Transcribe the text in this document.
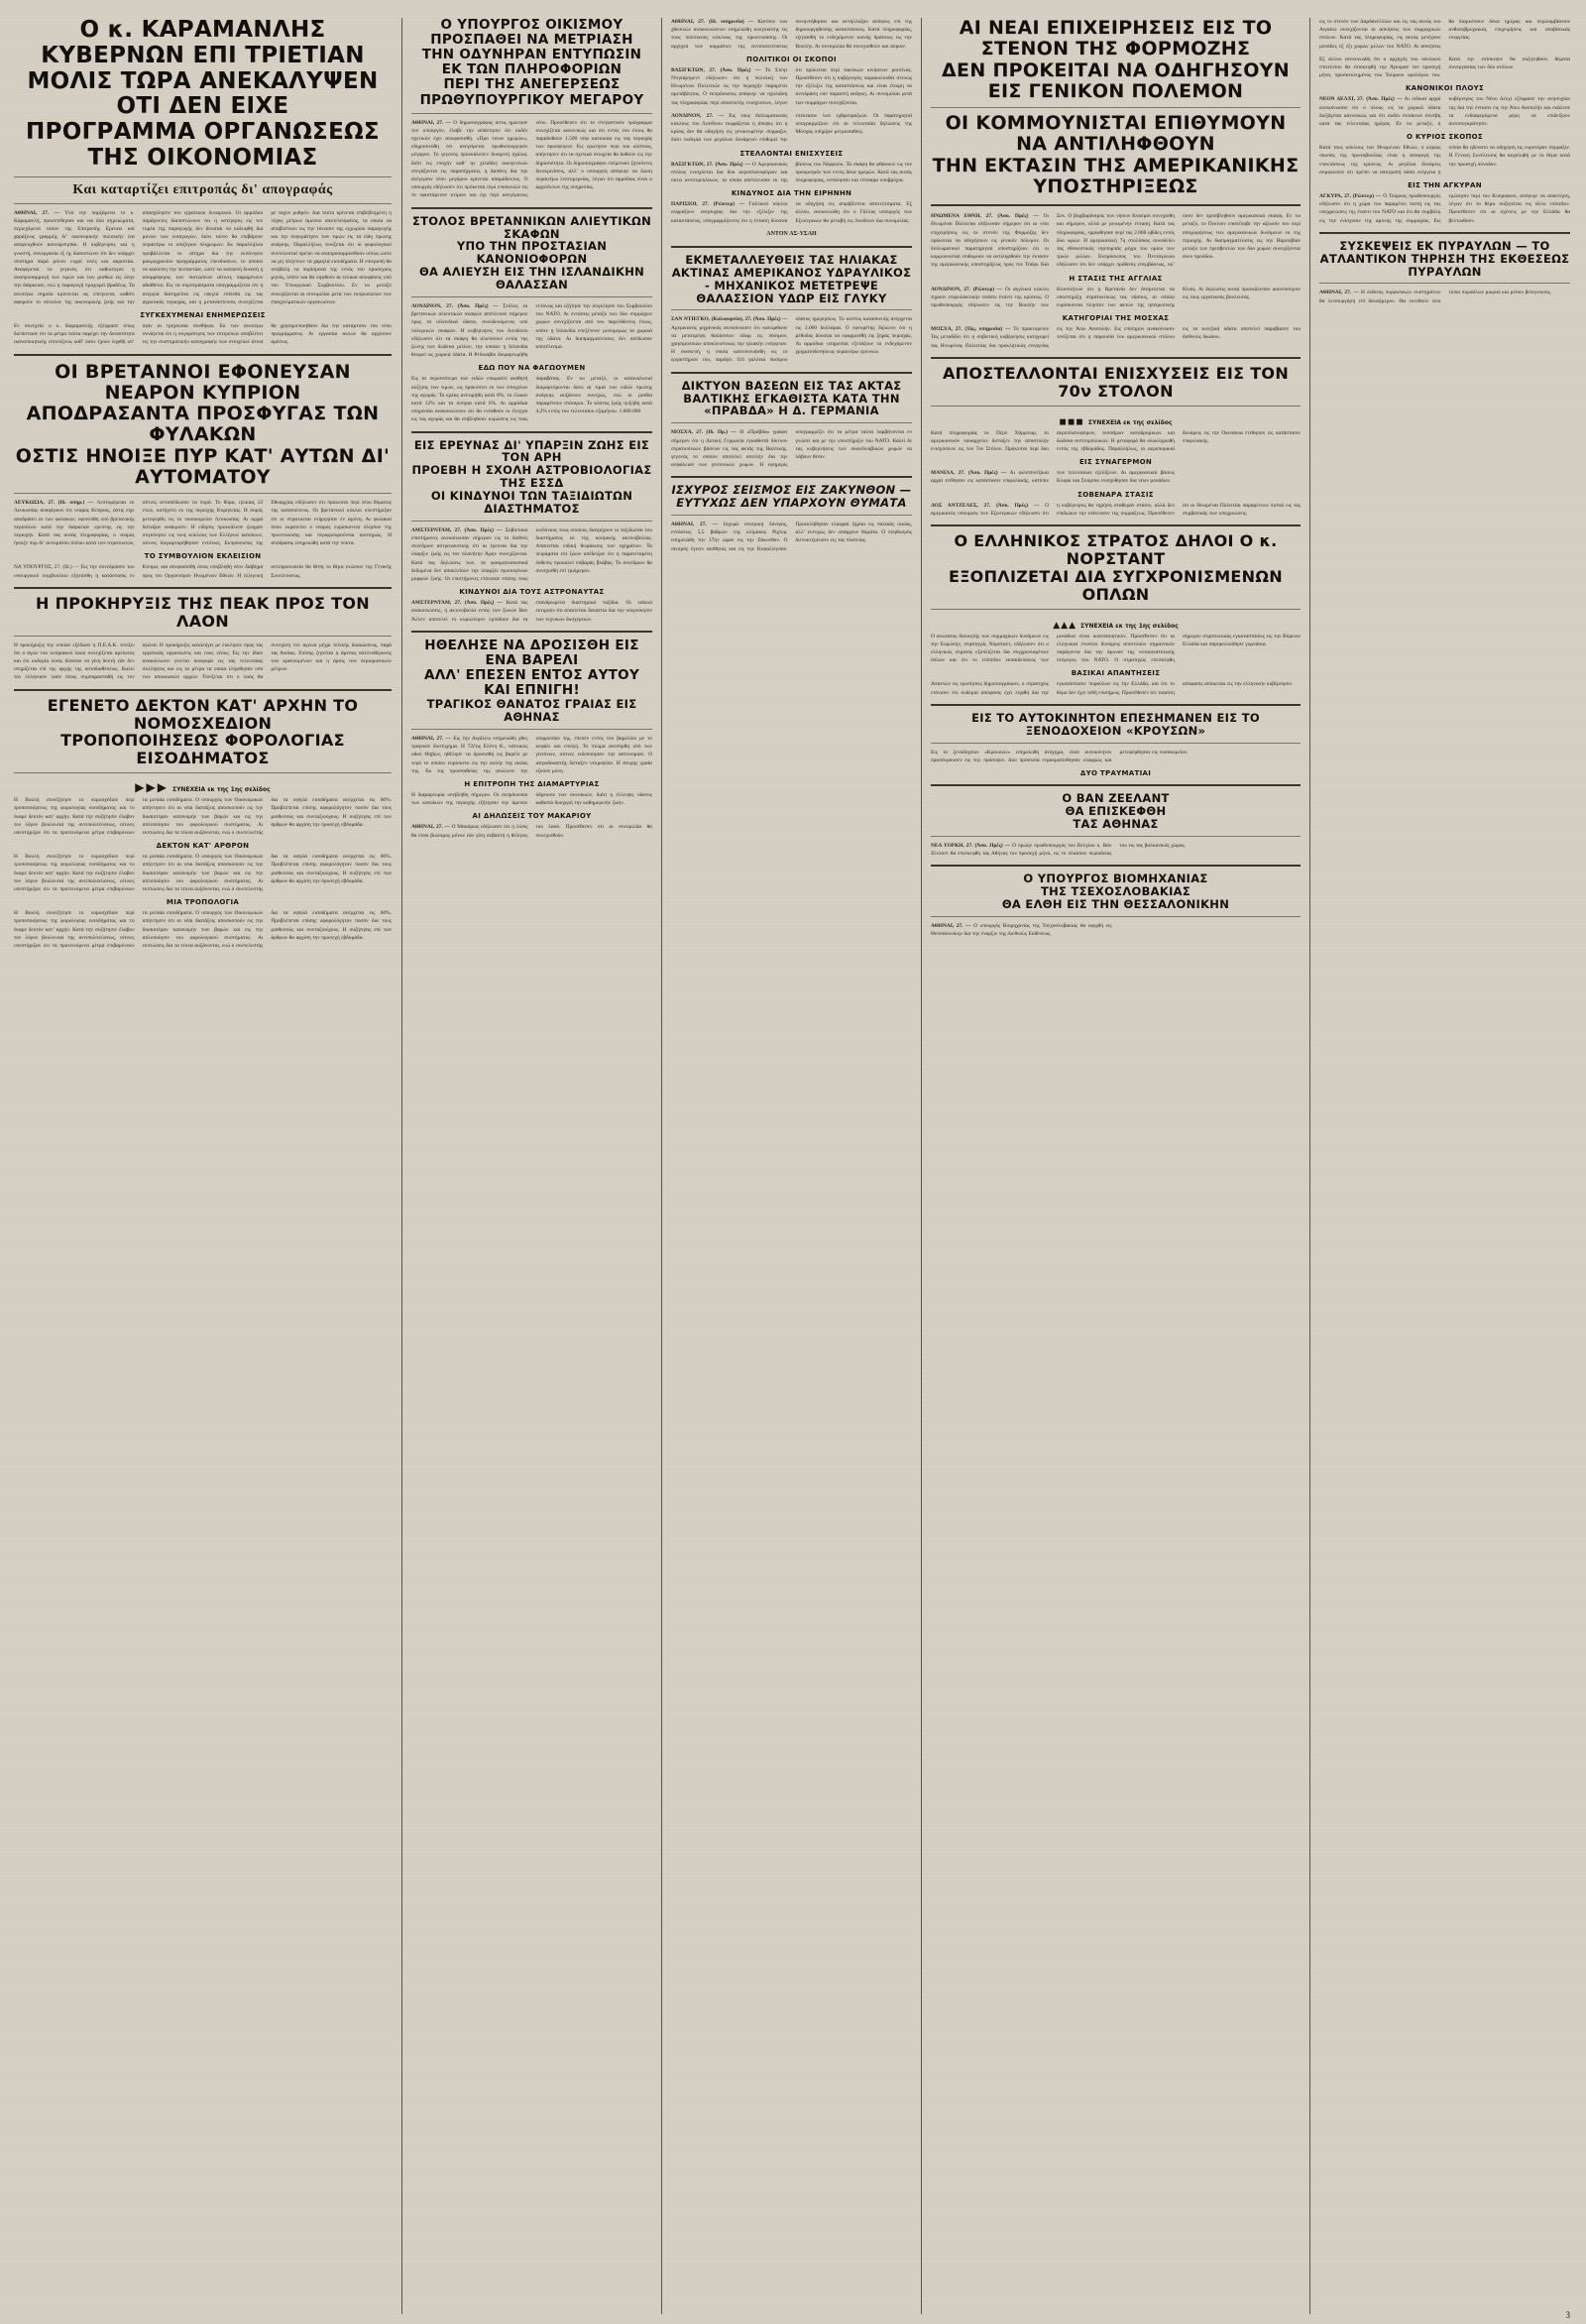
Ο κ. ΚΑΡΑΜΑΝΛΗΣ ΚΥΒΕΡΝΩΝ ΕΠΙ ΤΡΙΕΤΙΑΝ
ΜΟΛΙΣ ΤΩΡΑ ΑΝΕΚΑΛΥΨΕΝ ΟΤΙ ΔΕΝ ΕΙΧΕ
ΠΡΟΓΡΑΜΜΑ ΟΡΓΑΝΩΣΕΩΣ ΤΗΣ ΟΙΚΟΝΟΜΙΑΣ
Και καταρτίζει επιτροπάς δι' απογραφάς
ΑΘΗΝΑΙ, 27. — Υπό την παρξάμενα το κ. Καραμανλή, προσετέθησαν και ναι δύο σημειώματα, περιεχόμενα τόσον της Επιτροπής Ερευνα καί χαράξεως γραμμής δι’ οικονομικήν πολιτικήν ίνα αποφευχθούν ασυναρτησίαι. Η κυβέρνησις καί η γνωστή, συνεργασία εξ ής διαπιστώνει ότι δεν υπάρχει σύστημα παρά μόνον ευχαί τινές και αοριστίαι. Αναφέρεται το γεγονός ότι καθυστερεί η αναπροσαρμογή των τιμών και των μισθών εις όλην την διάρκειαν, ενώ η παραγωγή προχωρεί βραδέως. Τα ανωτέρω σημεία κρίνονται ως επείγοντα, καθότι αφορούν το σύνολον της οικονομικής ζωής και την απασχόλησιν του εργατικού δυναμικού. Οι αρμόδιοι παράγοντες διαπιστώνουν ότι η υστέρησις εις τον τομέα της παραγωγής δεν δύναται να καλυφθή δια μόνων των εισαγωγών, διότι τούτο θα επιβάρυνε περαιτέρω το ισοζύγιον πληρωμών. Εκ παραλλήλου προβάλλεται το αίτημα δια την εκπόνησιν μακροχρονίου προγράμματος επενδύσεων, το οποίον να καλύπτη την πενταετίαν, ώστε να καταστή δυνατή η απορρόφησις των πιστώσεων αίτινες παραμένουν αδιάθετοι. Εις τα συμπεράσματα υπογραμμίζεται ότι η ανεργία διατηρείται εις υψηλά επίπεδα εις τας αγροτικάς περιοχάς, και η μετανάστευσις συνεχίζεται με ταχύν ρυθμόν. Δια τούτο κρίνεται επιβεβλημένη η λήψις μέτρων άμεσου αποτελέσματος, τα οποία να αποβλέπουν εις την τόνωσιν της εγχωρίου παραγωγής και την συγκράτησιν των τιμών εις τα είδη πρώτης ανάγκης. Παραλλήλως τονίζεται ότι οι φορολογικοί συντελεσταί πρέπει να αναπροσαρμοσθούν ούτως ώστε να μη πλήττουν τα χαμηλά εισοδήματα. Η επιτροπή θα υποβάλη τα πορίσματά της εντός του προσεχούς μηνός, οπότε και θα ληφθούν αι τελικαί αποφάσεις υπό του Υπουργικού Συμβουλίου. Εν τω μεταξύ συνεχίζονται αι συνομιλίαι μετά των εκπροσώπων των επαγγελματικών οργανώσεων.
ΣΥΓΚΕΧΥΜΕΝΑΙ ΕΝΗΜΕΡΩΣΕΙΣ
Εν συνεχεία ο κ. Καραμανλής εξέφρασε όπως διεπίστωσε ότι τα μέτρα ταύτα παρέχει την δυνατότητα ικανοποιητικής επιτεύξεως καθ’ όσον έχουν ληφθή υπ’ όψιν αι τρέχουσαι συνθήκαι. Εκ των ανωτέρω συνάγεται ότι η συγκρότησις των επιτροπών αποβλέπει εις την συστηματικήν καταγραφήν των στοιχείων άτινα θα χρησιμοποιηθούν δια την κατάρτισιν του νέου προγράμματος. Αι εργασίαι αυτών θα αρχίσουν αμέσως.
ΟΙ ΒΡΕΤΑΝΝΟΙ ΕΦΟΝΕΥΣΑΝ ΝΕΑΡΟΝ ΚΥΠΡΙΟΝ
ΑΠΟΔΡΑΣΑΝΤΑ ΠΡΟΣΦΥΓΑΣ ΤΩΝ ΦΥΛΑΚΩΝ
ΟΣΤΙΣ ΗΝΟΙΞΕ ΠΥΡ ΚΑΤ' ΑΥΤΩΝ ΔΙ' ΑΥΤΟΜΑΤΟΥ
ΛΕΥΚΩΣΙΑ, 27. (Ιδ. υπηρ.) — Λεπτομέρειαι εκ Λευκωσίας αναφέρουν ότι νεαρός Κύπριος, όστις είχε αποδράσει εκ των φυλακών, εφονεύθη υπό βρετανικής περιπόλου κατά την διάρκειαν ερεύνης εις την περιοχήν. Κατά τας αυτάς πληροφορίας, ο νεαρός ήνοιξε πυρ δι’ αυτομάτου όπλου κατά των στρατιωτών, οίτινες ανταπέδωσαν τα πυρά. Το θύμα, ηλικίας 22 ετών, κατήγετο εκ της περιοχής Κυρηνείας. Η σορός μετεφέρθη εις το νοσοκομείον Λευκωσίας. Αι αρχαί διέταξαν ανάκρισιν. Η είδησις προεκάλεσε ζωηράν συγκίνησιν εις τους κύκλους των Ελλήνων κατοίκων, οίτινες διεμαρτυρήθησαν εντόνως. Εκπρόσωπος της Εθναρχίας εδήλωσεν ότι πρόκειται περί νέου θύματος της καταπιέσεως. Οι βρετανικοί κύκλοι υπεστήριξαν ότι οι στρατιώται ενήργησαν εν αμύνη. Αι φυλακαί όπου εκρατείτο ο νεαρός ευρίσκονται πλησίον της πρωτευούσης και περιφρουρούνται αυστηρώς. Η απόδρασις εσημειώθη κατά την νύκτα.
ΤΟ ΣΥΜΒΟΥΛΙΟΝ ΕΚΛΕΙΣΙΟΝ
ΝΑ ΥΠΟΥΡΓΟΣ, 27. (Ιδ.) — Εις την συνεδρίασιν του υπουργικού συμβουλίου εξητάσθη η κατάστασις εν Κύπρω, και απεφασίσθη όπως υποβληθή νέον διάβημα προς τον Οργανισμόν Ηνωμένων Εθνών. Η ελληνική αντιπροσωπεία θα θέση το θέμα ενώπιον της Γενικής Συνελεύσεως.
Η ΠΡΟΚΗΡΥΞΙΣ ΤΗΣ ΠΕΑΚ ΠΡΟΣ ΤΟΝ ΛΑΟΝ
Η προκήρυξις την οποίαν εξέδωσε η Π.Ε.Α.Κ. τονίζει ότι ο αγών του κυπριακού λαού συνεχίζεται αμείωτος και ότι ουδεμία λύσις δύναται να γίνη δεκτή εάν δεν στηρίζεται επί της αρχής της αυτοδιαθέσεως. Καλεί τον ελληνικόν λαόν όπως συμπαρασταθή εις τον αγώνα. Η προκήρυξις καταλήγει με έκκλησιν προς τας εργατικάς οργανώσεις και τους νέους. Εις την ίδιαν ανακοίνωσιν γίνεται αναφορά εις τας τελευταίας συλλήψεις και εις τα μέτρα τα οποία ελήφθησαν υπό των αποικιακών αρχών. Τονίζεται ότι ο λαός θα συνεχίση τον αγώνα μέχρι τελικής δικαιώσεως, παρά τας θυσίας. Επίσης ζητείται η άμεσος απελευθέρωσις των κρατουμένων και η άρσις των περιοριστικών μέτρων.
ΕΓΕΝΕΤΟ ΔΕΚΤΟΝ ΚΑΤ' ΑΡΧΗΝ ΤΟ ΝΟΜΟΣΧΕΔΙΟΝ
ΤΡΟΠΟΠΟΙΗΣΕΩΣ ΦΟΡΟΛΟΓΙΑΣ ΕΙΣΟΔΗΜΑΤΟΣ
▶▶▶ ΣΥΝΕΧΕΙΑ εκ της 1ης σελίδος
Η Βουλή συνεζήτησε το νομοσχέδιον περί τροποποιήσεως της φορολογίας εισοδήματος και το έκαμε δεκτόν κατ’ αρχήν. Κατά την συζήτησιν έλαβον τον λόγον βουλευταί της αντιπολιτεύσεως, οίτινες υπεστήριξαν ότι τα προτεινόμενα μέτρα επιβαρύνουν τα μεσαία εισοδήματα. Ο υπουργός των Οικονομικών απήντησεν ότι αι νέαι διατάξεις αποσκοπούν εις την δικαιοτέραν κατανομήν των βαρών και εις την απλοποίησιν του φορολογικού συστήματος. Αι εκπτώσεις δια τα τέκνα αυξάνονται, ενώ ο συντελεστής δια τα υψηλά εισοδήματα ανέρχεται εις 60%. Προβλέπεται επίσης αφορολόγητον ποσόν δια τους μισθωτούς και συνταξιούχους. Η συζήτησις επί των άρθρων θα αρχίση την προσεχή εβδομάδα.
ΔΕΚΤΟΝ ΚΑΤ' ΑΡΘΡΟΝ
Η Βουλή συνεζήτησε το νομοσχέδιον περί τροποποιήσεως της φορολογίας εισοδήματος και το έκαμε δεκτόν κατ’ αρχήν. Κατά την συζήτησιν έλαβον τον λόγον βουλευταί της αντιπολιτεύσεως, οίτινες υπεστήριξαν ότι τα προτεινόμενα μέτρα επιβαρύνουν τα μεσαία εισοδήματα. Ο υπουργός των Οικονομικών απήντησεν ότι αι νέαι διατάξεις αποσκοπούν εις την δικαιοτέραν κατανομήν των βαρών και εις την απλοποίησιν του φορολογικού συστήματος. Αι εκπτώσεις δια τα τέκνα αυξάνονται, ενώ ο συντελεστής δια τα υψηλά εισοδήματα ανέρχεται εις 60%. Προβλέπεται επίσης αφορολόγητον ποσόν δια τους μισθωτούς και συνταξιούχους. Η συζήτησις επί των άρθρων θα αρχίση την προσεχή εβδομάδα.
ΜΙΑ ΤΡΟΠΟΛΟΓΙΑ
Η Βουλή συνεζήτησε το νομοσχέδιον περί τροποποιήσεως της φορολογίας εισοδήματος και το έκαμε δεκτόν κατ’ αρχήν. Κατά την συζήτησιν έλαβον τον λόγον βουλευταί της αντιπολιτεύσεως, οίτινες υπεστήριξαν ότι τα προτεινόμενα μέτρα επιβαρύνουν τα μεσαία εισοδήματα. Ο υπουργός των Οικονομικών απήντησεν ότι αι νέαι διατάξεις αποσκοπούν εις την δικαιοτέραν κατανομήν των βαρών και εις την απλοποίησιν του φορολογικού συστήματος. Αι εκπτώσεις δια τα τέκνα αυξάνονται, ενώ ο συντελεστής δια τα υψηλά εισοδήματα ανέρχεται εις 60%. Προβλέπεται επίσης αφορολόγητον ποσόν δια τους μισθωτούς και συνταξιούχους. Η συζήτησις επί των άρθρων θα αρχίση την προσεχή εβδομάδα.
Ο ΥΠΟΥΡΓΟΣ ΟΙΚΙΣΜΟΥ ΠΡΟΣΠΑΘΕΙ ΝΑ ΜΕΤΡΙΑΣΗ
ΤΗΝ ΟΔΥΝΗΡΑΝ ΕΝΤΥΠΩΣΙΝ ΕΚ ΤΩΝ ΠΛΗΡΟΦΟΡΙΩΝ
ΠΕΡΙ ΤΗΣ ΑΝΕΓΕΡΣΕΩΣ ΠΡΩΘΥΠΟΥΡΓΙΚΟΥ ΜΕΓΑΡΟΥ
ΑΘΗΝΑΙ, 27. — Ο δημοσιογράφος όστις ηρώτησε τον υπουργόν, έλαβε την απάντησιν ότι ουδέν σχετικόν έχει αποφασισθή. «Προ τινων ημερών», εδημοσιεύθη ότι ανεγείρεται πρωθυπουργικόν μέγαρον. Το γεγονός προεκάλεσεν δυσμενή σχόλια, διότι εις εποχήν καθ’ ην χιλιάδες οικογενειών στεγάζονται εις παραπήγματα, η δαπάνη δια την ανέγερσιν νέου μεγάρου κρίνεται απαράδεκτος. Ο υπουργός εδήλωσεν ότι πρόκειται περί επισκευών εις το υφιστάμενον κτίριον και όχι περί ανεγέρσεως νέου. Προσέθεσεν ότι το στεγαστικόν πρόγραμμα συνεχίζεται κανονικώς και ότι εντός του έτους θα παραδοθούν 1.500 νέαι κατοικίαι εις τας περιοχάς των προσφύγων. Εις ερώτησιν περί του κόστους, απήντησεν ότι τα σχετικά στοιχεία θα δοθούν εις την δημοσιότητα. Οι δημοσιογράφοι επέμειναν ζητούντες διευκρινίσεις, αλλ’ ο υπουργός απέφυγε να δώση περαιτέρω λεπτομερείας, λέγων ότι αρμόδιος είναι ο αρχιτέκτων της υπηρεσίας.
ΣΤΟΛΟΣ ΒΡΕΤΑΝΝΙΚΩΝ ΑΛΙΕΥΤΙΚΩΝ ΣΚΑΦΩΝ
ΥΠΟ ΤΗΝ ΠΡΟΣΤΑΣΙΑΝ ΚΑΝΟΝΙΟΦΟΡΩΝ
ΘΑ ΑΛΙΕΥΣΗ ΕΙΣ ΤΗΝ ΙΣΛΑΝΔΙΚΗΝ ΘΑΛΑΣΣΑΝ
ΛΟΝΔΙΝΟΝ, 27. (Άσο. Πρές) — Στόλος εκ βρετανικών αλιευτικών σκαφών απέπλευσε σήμερον προς τα ισλανδικά ύδατα, συνοδευόμενος υπό πολεμικών σκαφών. Η κυβέρνησις του Λονδίνου εδήλωσεν ότι τα σκάφη θα αλιεύσουν εντός της ζώνης των δώδεκα μιλίων, την οποίαν η Ισλανδία θεωρεί ως χωρικά ύδατα. Η Ρεϋκιαβίκ διεμαρτυρήθη εντόνως και εζήτησε την σύγκλησιν του Συμβουλίου του ΝΑΤΟ. Αι εντάσεις μεταξύ των δύο συμμάχων χωρών συνεχίζονται από του παρελθόντος έτους, οπότε η Ισλανδία επεξέτεινε μονομερώς τα χωρικά της ύδατα. Αι διαπραγματεύσεις δεν απέδωσαν αποτέλεσμα.
ΕΔΩ ΠΟΥ ΝΑ ΦΑΓΩΟΥΜΕΝ
Εις τα περισσότερα των ειδών επικρατεί αισθητή αύξησις των τιμών, ως προκύπτει εκ των στοιχείων της αγοράς. Το κρέας ανετιμήθη κατά 8%, το έλαιον κατά 12% και τα όσπρια κατά 6%. Αι αρμόδιαι υπηρεσίαι ανακοινώνουν ότι θα ενταθούν οι έλεγχοι εις τας αγοράς και θα επιβληθούν κυρώσεις εις τους παραβάτας. Εν τω μεταξύ, οι καταναλωταί διαμαρτύρονται διότι αι τιμαί των ειδών πρώτης ανάγκης αυξάνουν συνεχώς, ενώ οι μισθοί παραμένουν στάσιμοι. Το κόστος ζωής ηυξήθη κατά 4,2% εντός του τελευταίου εξαμήνου. 1.600.000
ΕΙΣ ΕΡΕΥΝΑΣ ΔΙ' ΥΠΑΡΞΙΝ ΖΩΗΣ ΕΙΣ ΤΟΝ ΑΡΗ
ΠΡΟΕΒΗ Η ΣΧΟΛΗ ΑΣΤΡΟΒΙΟΛΟΓΙΑΣ ΤΗΣ ΕΣΣΔ
ΟΙ ΚΙΝΔΥΝΟΙ ΤΩΝ ΤΑΞΙΔΙΩΤΩΝ ΔΙΑΣΤΗΜΑΤΟΣ
ΑΜΣΤΕΡΝΤΑΜ, 27. (Άσο. Πρές) — Σοβιετικοί επιστήμονες ανεκοίνωσαν σήμερον εις το διεθνές συνέδριον αστροναυτικής ότι αι έρευναι δια την ύπαρξιν ζωής εις τον πλανήτην Άρην συνεχίζονται. Κατά τας δηλώσεις των, τα φασματοσκοπικά δεδομένα δεν αποκλείουν την ύπαρξιν πρωτογόνων μορφών ζωής. Οι επιστήμονες ετόνισαν επίσης τους κινδύνους τους οποίους διατρέχουν οι ταξιδιώται του διαστήματος εκ της κοσμικής ακτινοβολίας. Απαιτείται ειδική θωράκισις των οχημάτων. Τα πειράματα επί ζώων απέδειξαν ότι η παρατεταμένη έκθεσις προκαλεί σοβαράς βλάβας. Το συνέδριον θα συνεχισθή επί τριήμερον.
ΚΙΝΔΥΝΟΙ ΔΙΑ ΤΟΥΣ ΑΣΤΡΟΝΑΥΤΑΣ
ΑΜΣΤΕΡΝΤΑΜ, 27. (Άσο. Πρές) — Κατά τας ανακοινώσεις, η ακτινοβολία εντός των ζωνών Βαν Άλλεν αποτελεί το κυριώτερον εμπόδιον δια τα επανδρωμένα διαστημικά ταξίδια. Οι ειδικοί εκτιμούν ότι απαιτείται δεκαετία δια την υπερνίκησιν των τεχνικών δυσχερειών.
ΗΘΕΛΗΣΕ ΝΑ ΔΡΟΣΙΣΘΗ ΕΙΣ ΕΝΑ ΒΑΡΕΛΙ
ΑΛΛ' ΕΠΕΣΕΝ ΕΝΤΟΣ ΑΥΤΟΥ ΚΑΙ ΕΠΝΙΓΗ!
ΤΡΑΓΙΚΟΣ ΘΑΝΑΤΟΣ ΓΡΑΙΑΣ ΕΙΣ ΑΘΗΝΑΣ
ΑΘΗΝΑΙ, 27. — Εις την Αιγάλεω εσημειώθη χθες τραγικόν δυστύχημα. Η 72έτις Ελένη Κ., κάτοικος οδού Θηβών, ηθέλησε να δροσισθή εις βαρέλι με νερό το οποίον ευρίσκετο εις την αυλήν της οικίας της. Εκ της προσπαθείας της απώλεσε την ισορροπίαν της, έπεσεν εντός του βαρελίου με το κεφάλι και επνίγη. Το πτώμα ανεσύρθη υπό των γειτόνων, οίτινες ειδοποίησαν την αστυνομίαν. Ο ιατροδικαστής διέταξεν νεκροψίαν. Η άτυχης γραία εζούσε μόνη.
Η ΕΠΙΤΡΟΠΗ ΤΗΣ ΔΙΑΜΑΡΤΥΡΙΑΣ
Η διαμαρτυρία υπεβλήθη σήμερον. Οι εκπρόσωποι των κατοίκων της περιοχής εζήτησαν την άμεσον ύδρευσιν των συνοικιών, διότι η έλλειψις ύδατος καθιστά δυσχερή την καθημερινήν ζωήν.
ΑΙ ΔΗΛΩΣΕΙΣ ΤΟΥ ΜΑΚΑΡΙΟΥ
ΑΘΗΝΑΙ, 27. — Ο Μακάριος εδήλωσεν ότι η λύσις θα είναι βιώσιμος μόνον εάν γίνη σεβαστή η θέλησις του λαού. Προσέθεσεν ότι αι συνομιλίαι θα συνεχισθούν.
ΑΘΗΝΑΙ, 27. (Ιδ. υπηρεσία) — Κατόπιν των χθεσινών ανακοινώσεων εσημειώθη κινητικότης εις τους πολιτικούς κύκλους της πρωτευούσης. Οι αρχηγοί των κομμάτων της αντιπολιτεύσεως συνηντήθησαν και αντήλλαξαν απόψεις επί της δημιουργηθείσης καταστάσεως. Κατά πληροφορίας, εξητάσθη το ενδεχόμενον κοινής δράσεως εις την Βουλήν. Αι συνομιλίαι θα συνεχισθούν και αύριον.
ΠΟΛΙΤΙΚΟΙ ΟΙ ΣΚΟΠΟΙ
ΒΑΣΙΓΚΤΩΝ, 27. (Άσο. Πρές) — Το Στέητ Ντηπάρτμεντ εδήλωσεν ότι η πολιτική των Ηνωμένων Πολιτειών εις την περιοχήν παραμένει αμετάβλητος. Ο εκπρόσωπος απέφυγε να σχολιάση τας πληροφορίας περί αποστολής ενισχύσεων, λέγων ότι πρόκειται περί τακτικών κινήσεων ρουτίνας. Προσέθεσεν ότι η κυβέρνησις παρακολουθεί στενώς την εξέλιξιν της καταστάσεως και είναι έτοιμη να αντιδράση εάν παραστή ανάγκη. Αι συνομιλίαι μετά των συμμάχων συνεχίζονται.
ΛΟΝΔΙΝΟΝ, 27. — Εις τους διπλωματικούς κύκλους του Λονδίνου εκφράζεται η άποψις ότι η κρίσις δεν θα οδηγήση εις γενικευμένην σύρραξιν, διότι ουδεμία των μεγάλων δυνάμεων επιθυμεί την επέκτασιν των εχθροπραξιών. Οι παρατηρηταί υπογραμμίζουν ότι αι τελευταίαι δηλώσεις της Μόσχας υπήρξαν μετριοπαθείς.
ΣΤΕΛΛΟΝΤΑΙ ΕΝΙΣΧΥΣΕΙΣ
ΒΑΣΙΓΚΤΩΝ, 27. (Άσο. Πρές) — Ο Αμερικανικός στόλος ενισχύεται δια δύο αεροπλανοφόρων και οκτώ αντιτορπιλικών, τα οποία απέπλευσαν εκ της βάσεως του Νόρφολκ. Τα σκάφη θα φθάσουν εις τον προορισμόν των εντός δέκα ημερών. Κατά τας αυτάς πληροφορίας, εστάλησαν και τέσσαρα υποβρύχια.
ΚΙΝΔΥΝΟΣ ΔΙΑ ΤΗΝ ΕΙΡΗΝΗΝ
ΠΑΡΙΣΙΟΙ, 27. (Ρώυτερ) — Γαλλικοί κύκλοι εκφράζουν ανησυχίας δια την εξέλιξιν της καταστάσεως, υπογραμμίζοντες ότι η ένταση δύναται να οδηγήση εις απρόβλεπτα αποτελέσματα. Εξ άλλου, ανεκοινώθη ότι ο Γάλλος υπουργός των Εξωτερικών θα μεταβή εις Λονδίνον δια συνομιλίας.
ΑΝΤΟΝ ΑΣ-ΥΣΑΗ
ΕΚΜΕΤΑΛΛΕΥΘΕΙΣ ΤΑΣ ΗΛΙΑΚΑΣ ΑΚΤΙΝΑΣ ΑΜΕΡΙΚΑΝΟΣ ΥΔΡΑΥΛΙΚΟΣ - ΜΗΧΑΝΙΚΟΣ ΜΕΤΕΤΡΕΨΕ ΘΑΛΑΣΣΙΟΝ ΥΔΩΡ ΕΙΣ ΓΛΥΚΥ
ΣΑΝ ΝΤΙΕΓΚΟ, (Καλιφορνία), 27. (Άσο. Πρές) — Αμερικανός μηχανικός ανεκοίνωσεν ότι κατώρθωσε να μετατρέψη θαλάσσιον ύδωρ εις πόσιμον, χρησιμοποιών αποκλειστικώς την ηλιακήν ενέργειαν. Η συσκευή, η οποία κατεσκευάσθη εις το εργαστήριόν του, παράγει 110 γαλόνια ποσίμου ύδατος ημερησίως. Το κόστος κατασκευής ανέρχεται εις 2.000 δολλάρια. Ο εφευρέτης δηλώνει ότι η μέθοδος δύναται να εφαρμοσθή εις ξηράς περιοχάς. Αι αρμόδιαι υπηρεσίαι εξετάζουν το ενδεχόμενον χρηματοδοτήσεως περαιτέρω ερευνών.
ΔΙΚΤΥΟΝ ΒΑΣΕΩΝ ΕΙΣ ΤΑΣ ΑΚΤΑΣ ΒΑΛΤΙΚΗΣ ΕΓΚΑΘΙΣΤΑ ΚΑΤΑ ΤΗΝ «ΠΡΑΒΔΑ» Η Δ. ΓΕΡΜΑΝΙΑ
ΜΟΣΧΑ, 27. (Ιδ. Πρ.) — Η «Πράβδα» γράφει σήμερον ότι η Δυτική Γερμανία εγκαθιστά δίκτυον στρατιωτικών βάσεων εις τας ακτάς της Βαλτικής, γεγονός το οποίον αποτελεί απειλήν δια την ασφάλειαν των γειτονικών χωρών. Η εφημερίς υπογραμμίζει ότι τα μέτρα ταύτα λαμβάνονται εν γνώσει και με την υποστήριξιν του ΝΑΤΟ. Καλεί δε τας κυβερνήσεις των σκανδιναβικών χωρών να λάβουν θέσιν.
ΙΣΧΥΡΟΣ ΣΕΙΣΜΟΣ ΕΙΣ ΖΑΚΥΝΘΟΝ — ΕΥΤΥΧΩΣ ΔΕΝ ΥΠΑΡΧΟΥΝ ΘΥΜΑΤΑ
ΑΘΗΝΑΙ, 27. — Ισχυρά σεισμική δόνησις, εντάσεως 5,5 βαθμών της κλίμακος Ρίχτερ, εσημειώθη την 17ην ώραν εις την Ζάκυνθον. Ο σεισμός έγινεν αισθητός και εις την Κεφαλληνίαν. Προεκλήθησαν ελαφραί ζημίαι εις παλαιάς οικίας, αλλ’ ευτυχώς δεν υπάρχουν θύματα. Ο πληθυσμός διενυκτέρευσεν εις τας πλατείας.
ΑΙ ΝΕΑΙ ΕΠΙΧΕΙΡΗΣΕΙΣ ΕΙΣ ΤΟ ΣΤΕΝΟΝ ΤΗΣ ΦΟΡΜΟΖΗΣ
ΔΕΝ ΠΡΟΚΕΙΤΑΙ ΝΑ ΟΔΗΓΗΣΟΥΝ ΕΙΣ ΓΕΝΙΚΟΝ ΠΟΛΕΜΟΝ
ΟΙ ΚΟΜΜΟΥΝΙΣΤΑΙ ΕΠΙΘΥΜΟΥΝ ΝΑ ΑΝΤΙΛΗΦΘΟΥΝ
ΤΗΝ ΕΚΤΑΣΙΝ ΤΗΣ ΑΜΕΡΙΚΑΝΙΚΗΣ ΥΠΟΣΤΗΡΙΞΕΩΣ
ΗΝΩΜΕΝΑ ΕΘΝΗ, 27. (Άσο. Πρές) — Οι Ηνωμέναι Πολιτείαι εδήλωσαν σήμερον ότι αι νέαι επιχειρήσεις εις το στενόν της Φορμόζης δεν πρόκειται να οδηγήσουν εις γενικόν πόλεμον. Οι διπλωματικοί παρατηρηταί υποστηρίζουν ότι οι κομμουνισταί επιθυμούν να αντιληφθούν την έκτασιν της αμερικανικής υποστηρίξεως προς τον Τσάγκ Κάι Σεκ. Ο βομβαρδισμός των νήσων Κουεμόι συνεχίσθη και σήμερον, αλλά με μειωμένην ένταση. Κατά τας πληροφορίας, ερρίφθησαν περί τας 2.000 οβίδες εντός δύο ωρών. Η αμερικανική 7η στολίσκος συνοδεύει τας εθνικιστικάς νηοπομπάς μέχρι του ορίου των τριών μιλίων. Εκπρόσωπος του Πενταγώνου εδήλωσεν ότι δεν υπάρχει πρόθεσις επεμβάσεως, εφ’ όσον δεν προσβληθούν αμερικανικά σκάφη. Εν τω μεταξύ, το Πεκίνον επανέλαβε την αξίωσίν του περί αποχωρήσεως των αμερικανικών δυνάμεων εκ της περιοχής. Αι διαπραγματεύσεις εις την Βαρσοβίαν μεταξύ των πρεσβευτών των δύο χωρών συνεχίζονται άνευ προόδου.
Η ΣΤΑΣΙΣ ΤΗΣ ΑΓΓΛΙΑΣ
ΛΟΝΔΙΝΟΝ, 27. (Ρώυτερ) — Οι αγγλικοί κύκλοι τηρούν επιφυλακτικήν στάσιν έναντι της κρίσεως. Ο πρωθυπουργός εδήλωσεν εις την Βουλήν των Κοινοτήτων ότι η Βρετανία δεν δεσμεύεται να υποστηρίξη στρατιωτικώς τας νήσους, αι οποίαι ευρίσκονται πλησίον των ακτών της ηπειρωτικής Κίνας. Αι δηλώσεις αυταί προεκάλεσαν ικανοποίησιν εις τους εργατικούς βουλευτάς.
ΚΑΤΗΓΟΡΙΑΙ ΤΗΣ ΜΟΣΧΑΣ
ΜΟΣΧΑ, 27. (Τάς, υπηρεσία) — Το πρακτορείον Τας μεταδίδει ότι η σοβιετική κυβέρνησις κατηγορεί τας Ηνωμένας Πολιτείας δια προκλητικάς ενεργείας εις την Άπω Ανατολήν. Εις επίσημον ανακοίνωσιν τονίζεται ότι η παρουσία του αμερικανικού στόλου εις τα κινεζικά ύδατα αποτελεί παραβίασιν του διεθνούς δικαίου.
ΑΠΟΣΤΕΛΛΟΝΤΑΙ ΕΝΙΣΧΥΣΕΙΣ ΕΙΣ ΤΟΝ 70ν ΣΤΟΛΟΝ
◼◼◼ ΣΥΝΕΧΕΙΑ εκ της σελίδος
Κατά πληροφορίας εκ Πέρλ Χάρμπωρ, το αμερικανικόν ναυαρχείον διέταξεν την αποστολήν ενισχύσεων εις τον 7ον Στόλον. Πρόκειται περί δύο αεροπλανοφόρων, τεσσάρων καταδρομικών και δώδεκα αντιτορπιλικών. Η μεταφορά θα ολοκληρωθή εντός της εβδομάδος. Παραλλήλως, αι αεροπορικαί δυνάμεις εις την Οκινάουα ετέθησαν εις κατάστασιν επιφυλακής.
ΕΙΣ ΣΥΝΑΓΕΡΜΟΝ
ΜΑΝΙΛΑ, 27. (Άσο. Πρές) — Αι φιλιππινέζικαι αρχαί ετέθησαν εις κατάστασιν επιφυλακής, κατόπιν των τελευταίων εξελίξεων. Αι αμερικανικαί βάσεις Κλαρκ και Σούμπικ ενισχύθησαν δια νέων μονάδων.
ΣΟΒΕΝΑΡΑ ΣΤΑΣΙΣ
ΛΟΣ ΑΝΤΖΕΛΕΣ, 27. (Άσο. Πρές) — Ο αμερικανός υπουργός των Εξωτερικών εδήλωσεν ότι η κυβέρνησις θα τηρήση σταθεράν στάσιν, αλλά δεν επιδιώκει την επέκτασιν της συρράξεως. Προσέθεσεν ότι αι Ηνωμέναι Πολιτείαι παραμένουν πισταί εις τας συμβατικάς των υποχρεώσεις.
Ο ΕΛΛΗΝΙΚΟΣ ΣΤΡΑΤΟΣ ΔΗΛΟΙ Ο κ. ΝΟΡΣΤΑΝΤ
ΕΞΟΠΛΙΖΕΤΑΙ ΔΙΑ ΣΥΓΧΡΟΝΙΣΜΕΝΩΝ ΟΠΛΩΝ
▲▲▲ ΣΥΝΕΧΕΙΑ εκ της 1ης σελίδος
Ο ανώτατος διοικητής των συμμαχικών δυνάμεων εις την Ευρώπην, στρατηγός Νόρσταντ, εδήλωσεν ότι ο ελληνικός στρατός εξοπλίζεται δια συγχρονισμένων όπλων και ότι το επίπεδον εκπαιδεύσεως των μονάδων είναι ικανοποιητικόν. Προσέθεσεν ότι αι ελληνικαί ένοπλοι δυνάμεις αποτελούν σημαντικόν παράγοντα δια την άμυναν της νοτιοανατολικής πτέρυγος του ΝΑΤΟ. Ο στρατηγός επεσκέφθη σήμερον στρατιωτικάς εγκαταστάσεις εις την Βόρειον Ελλάδα και παρηκολούθησε γυμνάσια.
ΒΑΣΙΚΑΙ ΑΠΑΝΤΗΣΕΙΣ
Απαντών εις ερωτήσεις δημοσιογράφων, ο στρατηγός ετόνισεν ότι ουδεμία απόφασις έχει ληφθή δια την εγκατάστασιν πυραύλων εις την Ελλάδα, και ότι το θέμα δεν έχει τεθή επισήμως. Προσέθεσεν ότι τοιαύτη απόφασις απόκειται εις την ελληνικήν κυβέρνησιν.
ΕΙΣ ΤΟ ΑΥΤΟΚΙΝΗΤΟΝ ΕΠΕΣΗΜΑΝΕΝ ΕΙΣ ΤΟ ΞΕΝΟΔΟΧΕΙΟΝ «ΚΡΟΥΣΩΝ»
Εις το ξενοδοχείον «Κρουσών» εσημειώθη ατύχημα, όταν αυτοκίνητον προσέκρουσεν εις την πρόσοψιν. Δύο πρόσωπα ετραυματίσθησαν ελαφρώς και μετεφέρθησαν εις νοσοκομείον.
ΔΥΟ ΤΡΑΥΜΑΤΙΑΙ
Ο ΒΑΝ ΖΕΕΛΑΝΤ
ΘΑ ΕΠΙΣΚΕΦΘΗ
ΤΑΣ ΑΘΗΝΑΣ
ΝΕΑ ΥΟΡΚΗ, 27. (Άσο. Πρές) — Ο πρώην πρωθυπουργός του Βελγίου κ. Βαν Ζέελαντ θα επισκεφθή τας Αθήνας τον προσεχή μήνα, εις το πλαίσιον περιοδείας του εις τας βαλκανικάς χώρας.
Ο ΥΠΟΥΡΓΟΣ ΒΙΟΜΗΧΑΝΙΑΣ
ΤΗΣ ΤΣΕΧΟΣΛΟΒΑΚΙΑΣ
ΘΑ ΕΛΘΗ ΕΙΣ ΤΗΝ ΘΕΣΣΑΛΟΝΙΚΗΝ
ΑΘΗΝΑΙ, 27. — Ο υπουργός Βιομηχανίας της Τσεχοσλοβακίας θα αφιχθή εις Θεσσαλονίκην δια την έναρξιν της Διεθνούς Εκθέσεως.
εις το στενόν των Δαρδανελλίων και εις τας ακτάς του Αιγαίου συνεχίζονται αι ασκήσεις των συμμαχικών στόλων. Κατά τας πληροφορίας, εις αυτάς μετέχουν μονάδες εξ έξι χωρών μελών του ΝΑΤΟ. Αι ασκήσεις θα διαρκέσουν δέκα ημέρας και περιλαμβάνουν ανθυποβρυχιακάς επιχειρήσεις και αποβατικάς ενεργείας.
Εξ άλλου ανεκοινώθη ότι ο αρχηγός του ναυτικού επιτελείου θα επισκεφθή την Άγκυραν τον προσεχή μήνα, προσκεκλημένος του Τούρκου ομολόγου του. Κατά την επίσκεψιν θα συζητηθούν θέματα συνεργασίας των δύο στόλων.
ΚΑΝΟΝΙΚΟΙ ΠΛΟΥΣ
ΝΕΟΝ ΔΕΛΧΙ, 27. (Άσο. Πρές) — Αι ινδικαί αρχαί ανεκοίνωσαν ότι ο πλους εις τα χωρικά ύδατα διεξάγεται κανονικώς και ότι ουδέν έκτακτον συνέβη κατά τας τελευταίας ημέρας. Εν τω μεταξύ, η κυβέρνησις του Νέου Δελχί εξέφρασε την ανησυχίαν της δια την έντασιν εις την Άπω Ανατολήν και εκάλεσε τα ενδιαφερόμενα μέρη να επιδείξουν αυτοσυγκράτησιν.
Ο ΚΥΡΙΟΣ ΣΚΟΠΟΣ
Κατά τους κύκλους των Ηνωμένων Εθνών, ο κύριος σκοπός της πρωτοβουλίας είναι η αποφυγή της επεκτάσεως της κρίσεως. Αι μεγάλαι δυνάμεις συμφωνούν ότι πρέπει να αποτραπή πάσα ενέργεια η οποία θα ηδύνατο να οδηγήση εις ευρυτέραν σύρραξιν. Η Γενική Συνέλευσις θα ασχοληθή με το θέμα κατά την προσεχή σύνοδον.
ΕΙΣ ΤΗΝ ΑΓΚΥΡΑΝ
ΑΓΚΥΡΑ, 27. (Ρώυτερ) — Ο Τούρκος πρωθυπουργός εδήλωσεν ότι η χώρα του παραμένει πιστή εις τας υποχρεώσεις της έναντι του ΝΑΤΟ και ότι θα συμβάλη εις την ενίσχυσιν της αμύνης της συμμαχίας. Εις ερώτησιν περί του Κυπριακού, απέφυγε να απαντήση, λέγων ότι το θέμα συζητείται εις άλλο επίπεδον. Προσέθεσεν ότι αι σχέσεις με την Ελλάδα θα βελτιωθούν.
ΣΥΣΚΕΨΕΙΣ ΕΚ ΠΥΡΑΥΛΩΝ — ΤΟ ΑΤΛΑΝΤΙΚΟΝ ΤΗΡΗΣΗ ΤΗΣ ΕΚΘΕΣΕΩΣ ΠΥΡΑΥΛΩΝ
ΑΘΗΝΑΙ, 27. — Η έκθεσις πυραυλικών συστημάτων θα λειτουργήση επί δεκαήμερον. Θα εκτεθούν νέοι τύποι πυραύλων μικρού και μέσου βεληνεκούς.
3
